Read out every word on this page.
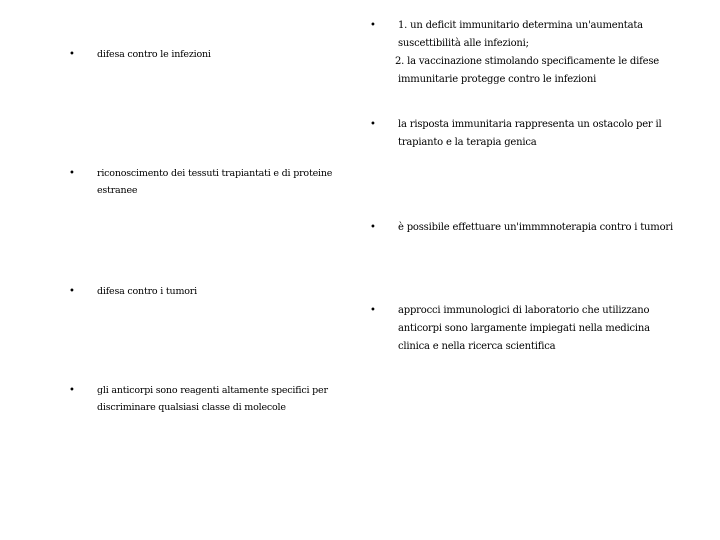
• difesa contro le infezioni
• riconoscimento dei tessuti trapiantati e di proteine estranee
• difesa contro i tumori
• gli anticorpi sono reagenti altamente specifici per discriminare qualsiasi classe di molecole
• 1. un deficit immunitario determina un'aumentata
suscettibilità alle infezioni;
2. la vaccinazione stimolando specificamente le difese
immunitarie protegge contro le infezioni
• la risposta immunitaria rappresenta un ostacolo per il
trapianto e la terapia genica
• è possibile effettuare un'immmnoterapia contro i tumori
• approcci immunologici di laboratorio che utilizzano
anticorpi sono largamente impiegati nella medicina
clinica e nella ricerca scientifica
